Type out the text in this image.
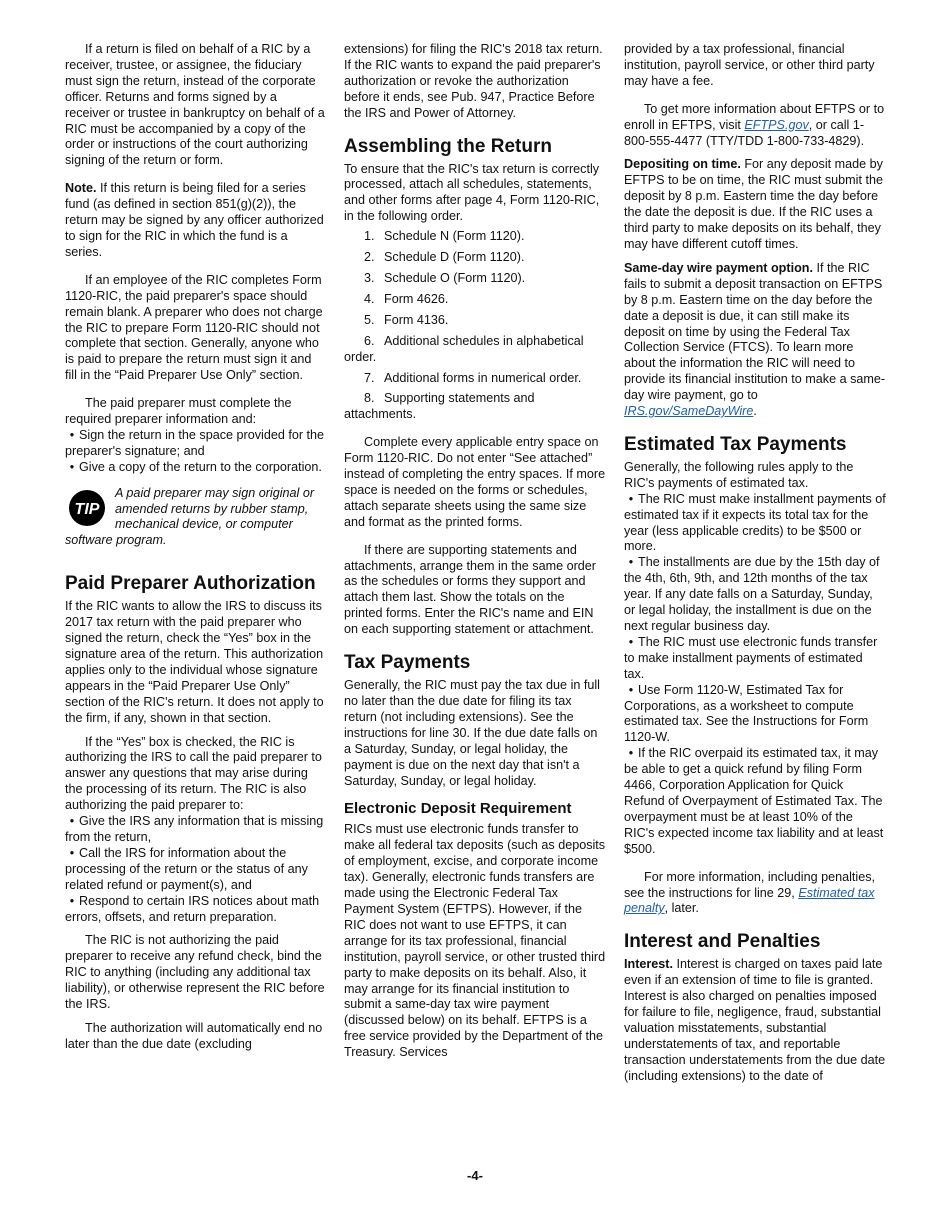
If a return is filed on behalf of a RIC by a receiver, trustee, or assignee, the fiduciary must sign the return, instead of the corporate officer. Returns and forms signed by a receiver or trustee in bankruptcy on behalf of a RIC must be accompanied by a copy of the order or instructions of the court authorizing signing of the return or form.

Note. If this return is being filed for a series fund (as defined in section 851(g)(2)), the return may be signed by any officer authorized to sign for the RIC in which the fund is a series.

If an employee of the RIC completes Form 1120-RIC, the paid preparer's space should remain blank. A preparer who does not charge the RIC to prepare Form 1120-RIC should not complete that section. Generally, anyone who is paid to prepare the return must sign it and fill in the “Paid Preparer Use Only” section.

The paid preparer must complete the required preparer information and:

• Sign the return in the space provided for the preparer's signature; and
• Give a copy of the return to the corporation.
TIP
A paid preparer may sign original or amended returns by rubber stamp, mechanical device, or computer software program.
Paid Preparer Authorization

If the RIC wants to allow the IRS to discuss its 2017 tax return with the paid preparer who signed the return, check the “Yes” box in the signature area of the return. This authorization applies only to the individual whose signature appears in the “Paid Preparer Use Only” section of the RIC's return. It does not apply to the firm, if any, shown in that section.

If the “Yes” box is checked, the RIC is authorizing the IRS to call the paid preparer to answer any questions that may arise during the processing of its return. The RIC is also authorizing the paid preparer to:

• Give the IRS any information that is missing from the return,
• Call the IRS for information about the processing of the return or the status of any related refund or payment(s), and
• Respond to certain IRS notices about math errors, offsets, and return preparation.

The RIC is not authorizing the paid preparer to receive any refund check, bind the RIC to anything (including any additional tax liability), or otherwise represent the RIC before the IRS.

The authorization will automatically end no later than the due date (excluding

extensions) for filing the RIC's 2018 tax return. If the RIC wants to expand the paid preparer's authorization or revoke the authorization before it ends, see Pub. 947, Practice Before the IRS and Power of Attorney.

Assembling the Return

To ensure that the RIC's tax return is correctly processed, attach all schedules, statements, and other forms after page 4, Form 1120-RIC, in the following order.

1. Schedule N (Form 1120).
2. Schedule D (Form 1120).
3. Schedule O (Form 1120).
4. Form 4626.
5. Form 4136.
6. Additional schedules in alphabetical order.
7. Additional forms in numerical order.
8. Supporting statements and attachments.

Complete every applicable entry space on Form 1120-RIC. Do not enter “See attached” instead of completing the entry spaces. If more space is needed on the forms or schedules, attach separate sheets using the same size and format as the printed forms.

If there are supporting statements and attachments, arrange them in the same order as the schedules or forms they support and attach them last. Show the totals on the printed forms. Enter the RIC's name and EIN on each supporting statement or attachment.

Tax Payments

Generally, the RIC must pay the tax due in full no later than the due date for filing its tax return (not including extensions). See the instructions for line 30. If the due date falls on a Saturday, Sunday, or legal holiday, the payment is due on the next day that isn't a Saturday, Sunday, or legal holiday.

Electronic Deposit Requirement

RICs must use electronic funds transfer to make all federal tax deposits (such as deposits of employment, excise, and corporate income tax). Generally, electronic funds transfers are made using the Electronic Federal Tax Payment System (EFTPS). However, if the RIC does not want to use EFTPS, it can arrange for its tax professional, financial institution, payroll service, or other trusted third party to make deposits on its behalf. Also, it may arrange for its financial institution to submit a same-day tax wire payment (discussed below) on its behalf. EFTPS is a free service provided by the Department of the Treasury. Services

provided by a tax professional, financial institution, payroll service, or other third party may have a fee.

To get more information about EFTPS or to enroll in EFTPS, visit EFTPS.gov, or call 1-800-555-4477 (TTY/TDD 1-800-733-4829).

Depositing on time. For any deposit made by EFTPS to be on time, the RIC must submit the deposit by 8 p.m. Eastern time the day before the date the deposit is due. If the RIC uses a third party to make deposits on its behalf, they may have different cutoff times.

Same-day wire payment option. If the RIC fails to submit a deposit transaction on EFTPS by 8 p.m. Eastern time on the day before the date a deposit is due, it can still make its deposit on time by using the Federal Tax Collection Service (FTCS). To learn more about the information the RIC will need to provide its financial institution to make a same-day wire payment, go to IRS.gov/SameDayWire.

Estimated Tax Payments

Generally, the following rules apply to the RIC's payments of estimated tax.

• The RIC must make installment payments of estimated tax if it expects its total tax for the year (less applicable credits) to be $500 or more.
• The installments are due by the 15th day of the 4th, 6th, 9th, and 12th months of the tax year. If any date falls on a Saturday, Sunday, or legal holiday, the installment is due on the next regular business day.
• The RIC must use electronic funds transfer to make installment payments of estimated tax.
• Use Form 1120-W, Estimated Tax for Corporations, as a worksheet to compute estimated tax. See the Instructions for Form 1120-W.
• If the RIC overpaid its estimated tax, it may be able to get a quick refund by filing Form 4466, Corporation Application for Quick Refund of Overpayment of Estimated Tax. The overpayment must be at least 10% of the RIC's expected income tax liability and at least $500.

For more information, including penalties, see the instructions for line 29, Estimated tax penalty, later.

Interest and Penalties

Interest. Interest is charged on taxes paid late even if an extension of time to file is granted. Interest is also charged on penalties imposed for failure to file, negligence, fraud, substantial valuation misstatements, substantial understatements of tax, and reportable transaction understatements from the due date (including extensions) to the date of

-4-
